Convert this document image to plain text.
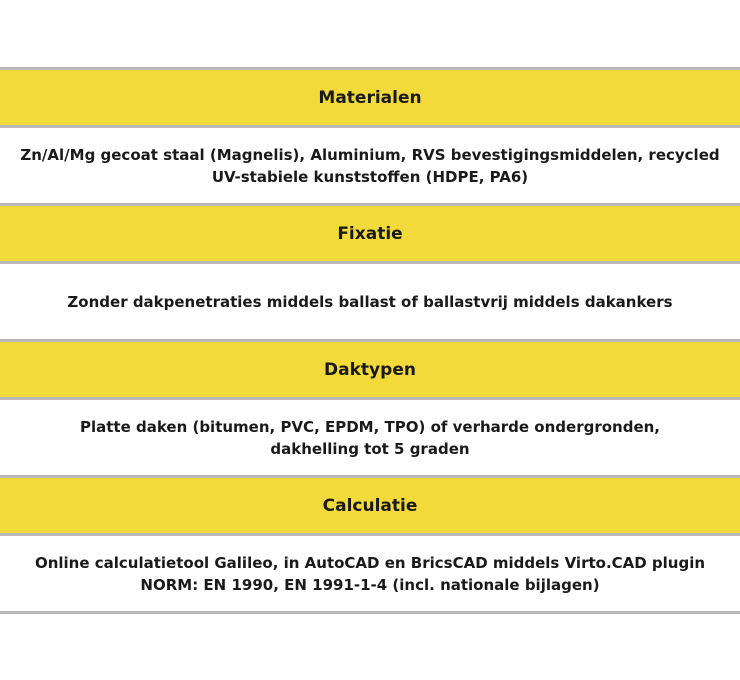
Materialen
Zn/Al/Mg gecoat staal (Magnelis), Aluminium, RVS bevestigingsmiddelen, recycled
UV-stabiele kunststoffen (HDPE, PA6)
Fixatie
Zonder dakpenetraties middels ballast of ballastvrij middels dakankers
Daktypen
Platte daken (bitumen, PVC, EPDM, TPO) of verharde ondergronden,
dakhelling tot 5 graden
Calculatie
Online calculatietool Galileo, in AutoCAD en BricsCAD middels Virto.CAD plugin
NORM: EN 1990, EN 1991-1-4 (incl. nationale bijlagen)
